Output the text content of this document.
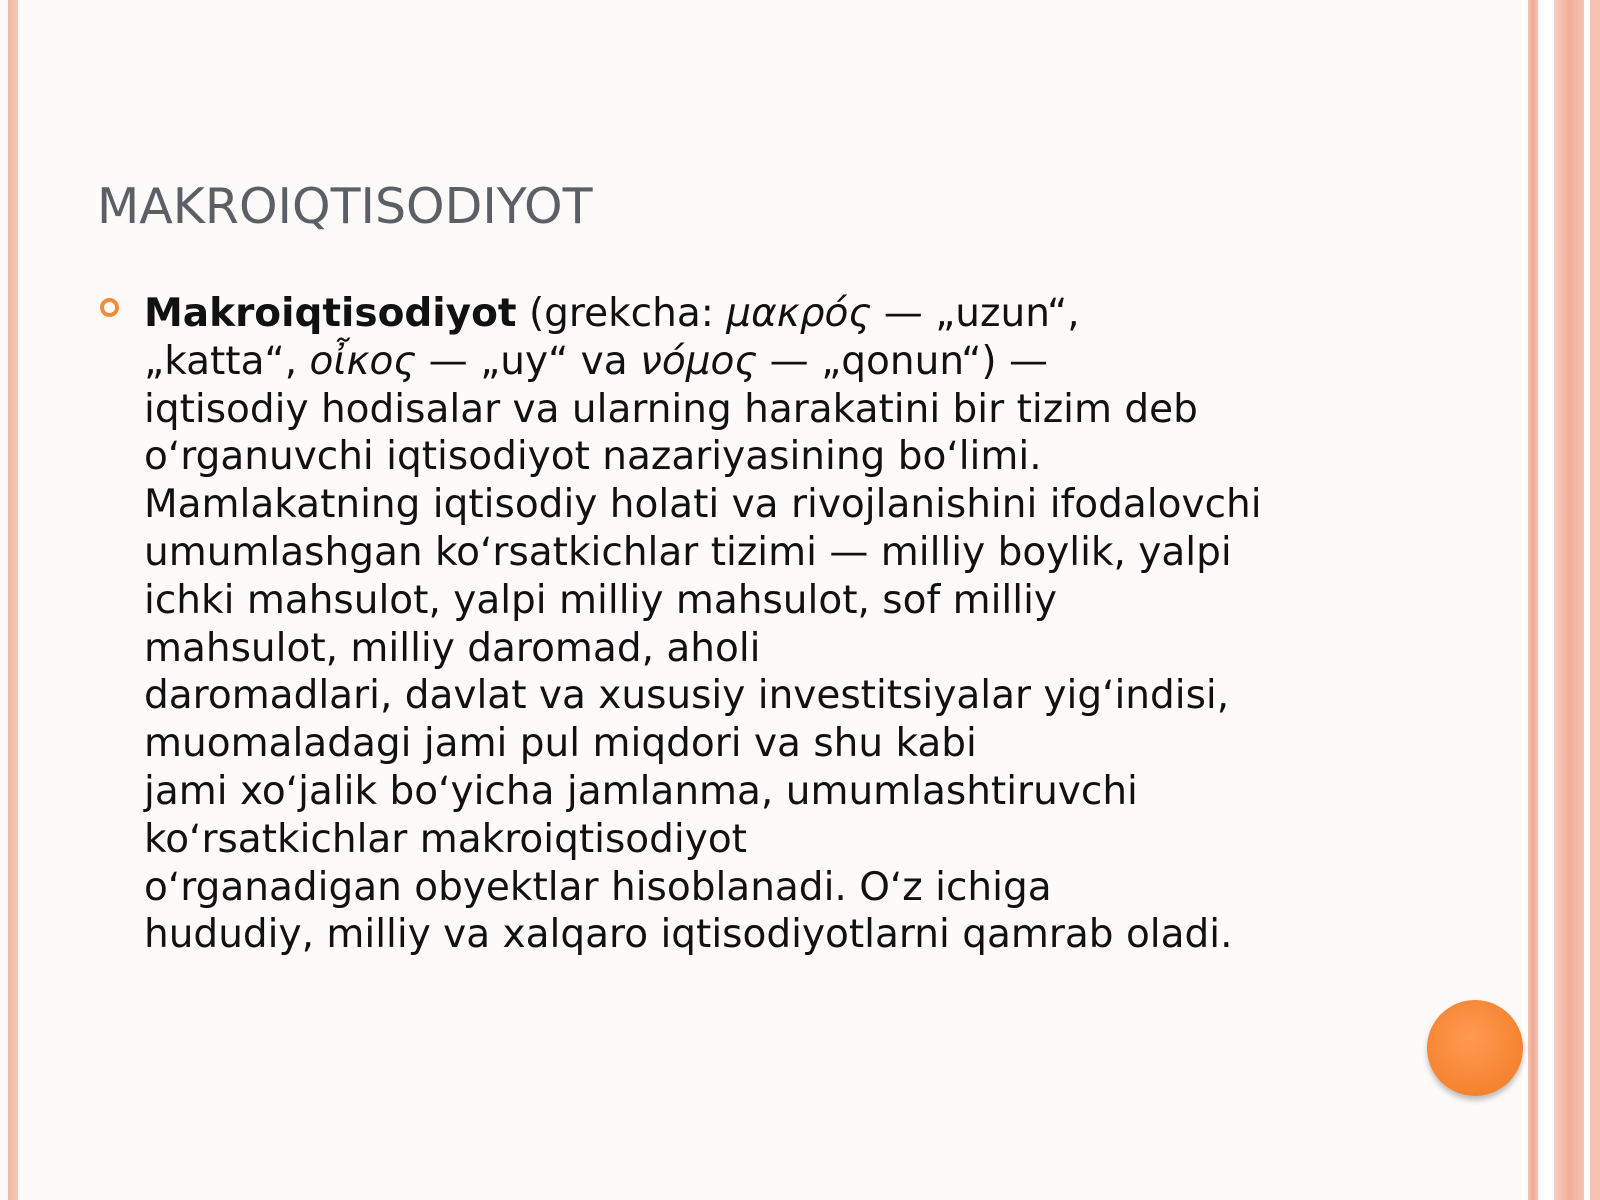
MAKROIQTISODIYOT
Makroiqtisodiyot (grekcha: μακρός — „uzun“,
„katta“, οἶκος — „uy“ va νόμος — „qonun“) —
iqtisodiy hodisalar va ularning harakatini bir tizim deb
oʻrganuvchi iqtisodiyot nazariyasining boʻlimi.
Mamlakatning iqtisodiy holati va rivojlanishini ifodalovchi
umumlashgan koʻrsatkichlar tizimi — milliy boylik, yalpi
ichki mahsulot, yalpi milliy mahsulot, sof milliy
mahsulot, milliy daromad, aholi
daromadlari, davlat va xususiy investitsiyalar yigʻindisi,
muomaladagi jami pul miqdori va shu kabi
jami xoʻjalik boʻyicha jamlanma, umumlashtiruvchi
koʻrsatkichlar makroiqtisodiyot
oʻrganadigan obyektlar hisoblanadi. Oʻz ichiga
hududiy, milliy va xalqaro iqtisodiyotlarni qamrab oladi.
